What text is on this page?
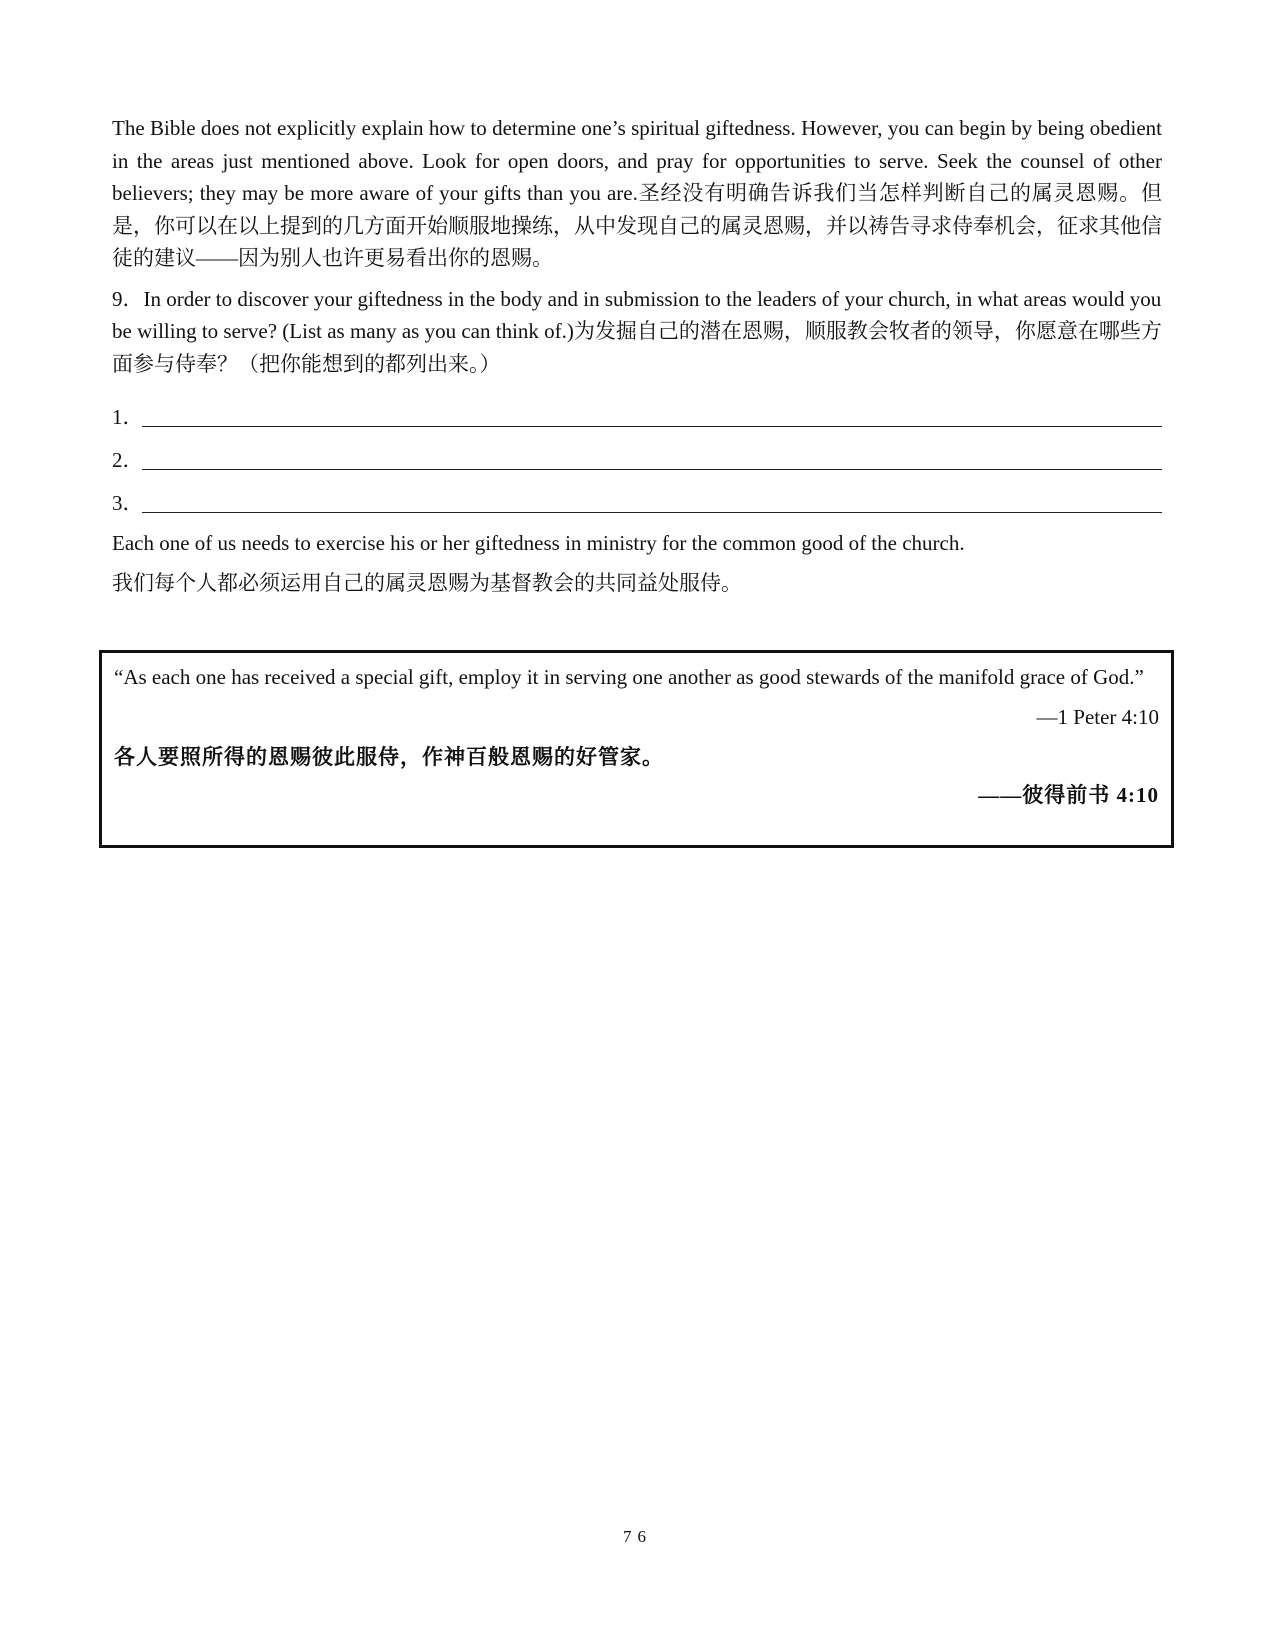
The Bible does not explicitly explain how to determine one’s spiritual giftedness. However, you can begin by being obedient in the areas just mentioned above. Look for open doors, and pray for opportunities to serve. Seek the counsel of other believers; they may be more aware of your gifts than you are.圣经没有明确告诉我们当怎样判断自己的属灵恩赐。但是，你可以在以上提到的几方面开始顺服地操练，从中发现自己的属灵恩赐，并以祷告寻求侍奉机会，征求其他信徒的建议——因为别人也许更易看出你的恩赐。

9．In order to discover your giftedness in the body and in submission to the leaders of your church, in what areas would you be willing to serve? (List as many as you can think of.)为发掘自己的潜在恩赐，顺服教会牧者的领导，你愿意在哪些方面参与侍奉？（把你能想到的都列出来。）

1．
2．
3．
Each one of us needs to exercise his or her giftedness in ministry for the common good of the church.
我们每个人都必须运用自己的属灵恩赐为基督教会的共同益处服侍。
“As each one has received a special gift, employ it in serving one another as good stewards of the manifold grace of God.”
—1 Peter 4:10
各人要照所得的恩赐彼此服侍，作神百般恩赐的好管家。
——彼得前书 4:10
76
